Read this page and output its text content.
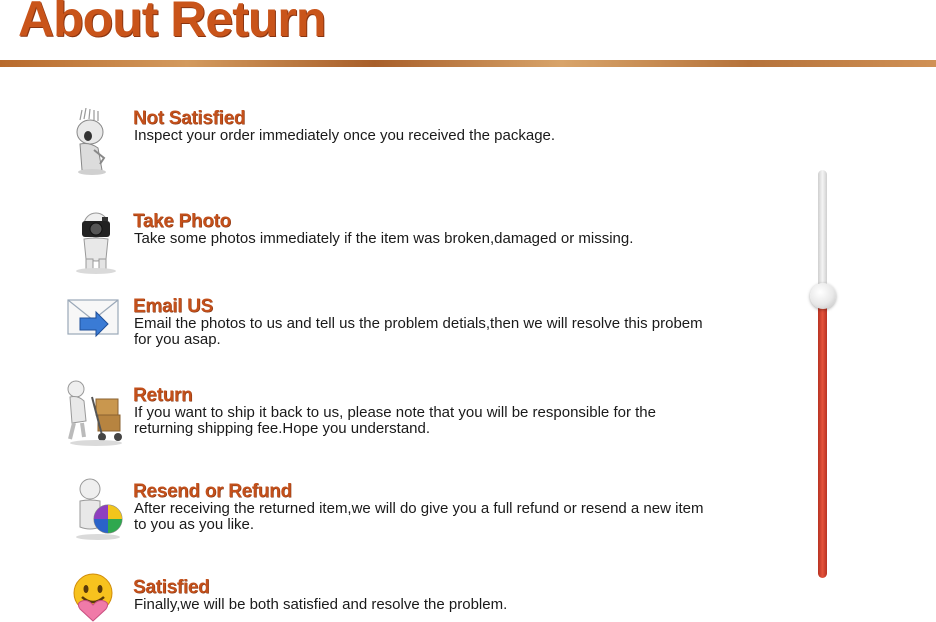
About Return
Not Satisfied
Inspect your order immediately once you received the package.
Take Photo
Take some photos immediately if the item was broken,damaged or missing.
Email US
Email the photos to us and tell us the problem detials,then we will resolve this probem for you asap.
Return
If you want to ship it back to us, please note that you will be responsible for the returning shipping fee.Hope you understand.
Resend or Refund
After receiving the returned item,we will do give you a full refund or resend a new item to you as you like.
Satisfied
Finally,we will be both satisfied and resolve the problem.
